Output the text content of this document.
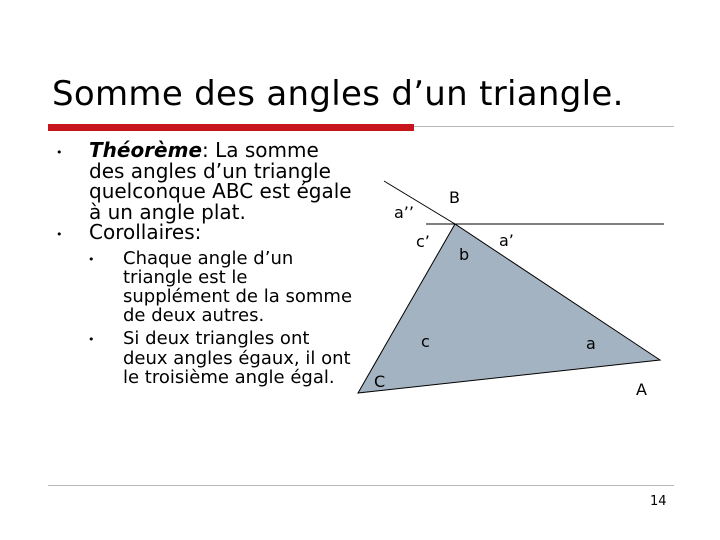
Somme des angles d’un triangle.
• Théorème: La somme des angles d’un triangle quelconque ABC est égale à un angle plat.
• Corollaires:
• Chaque angle d’un triangle est le supplément de la somme de deux autres.
• Si deux triangles ont deux angles égaux, il ont le troisième angle égal.
B
A
C
a’’
c’
b
a’
c	a
14
